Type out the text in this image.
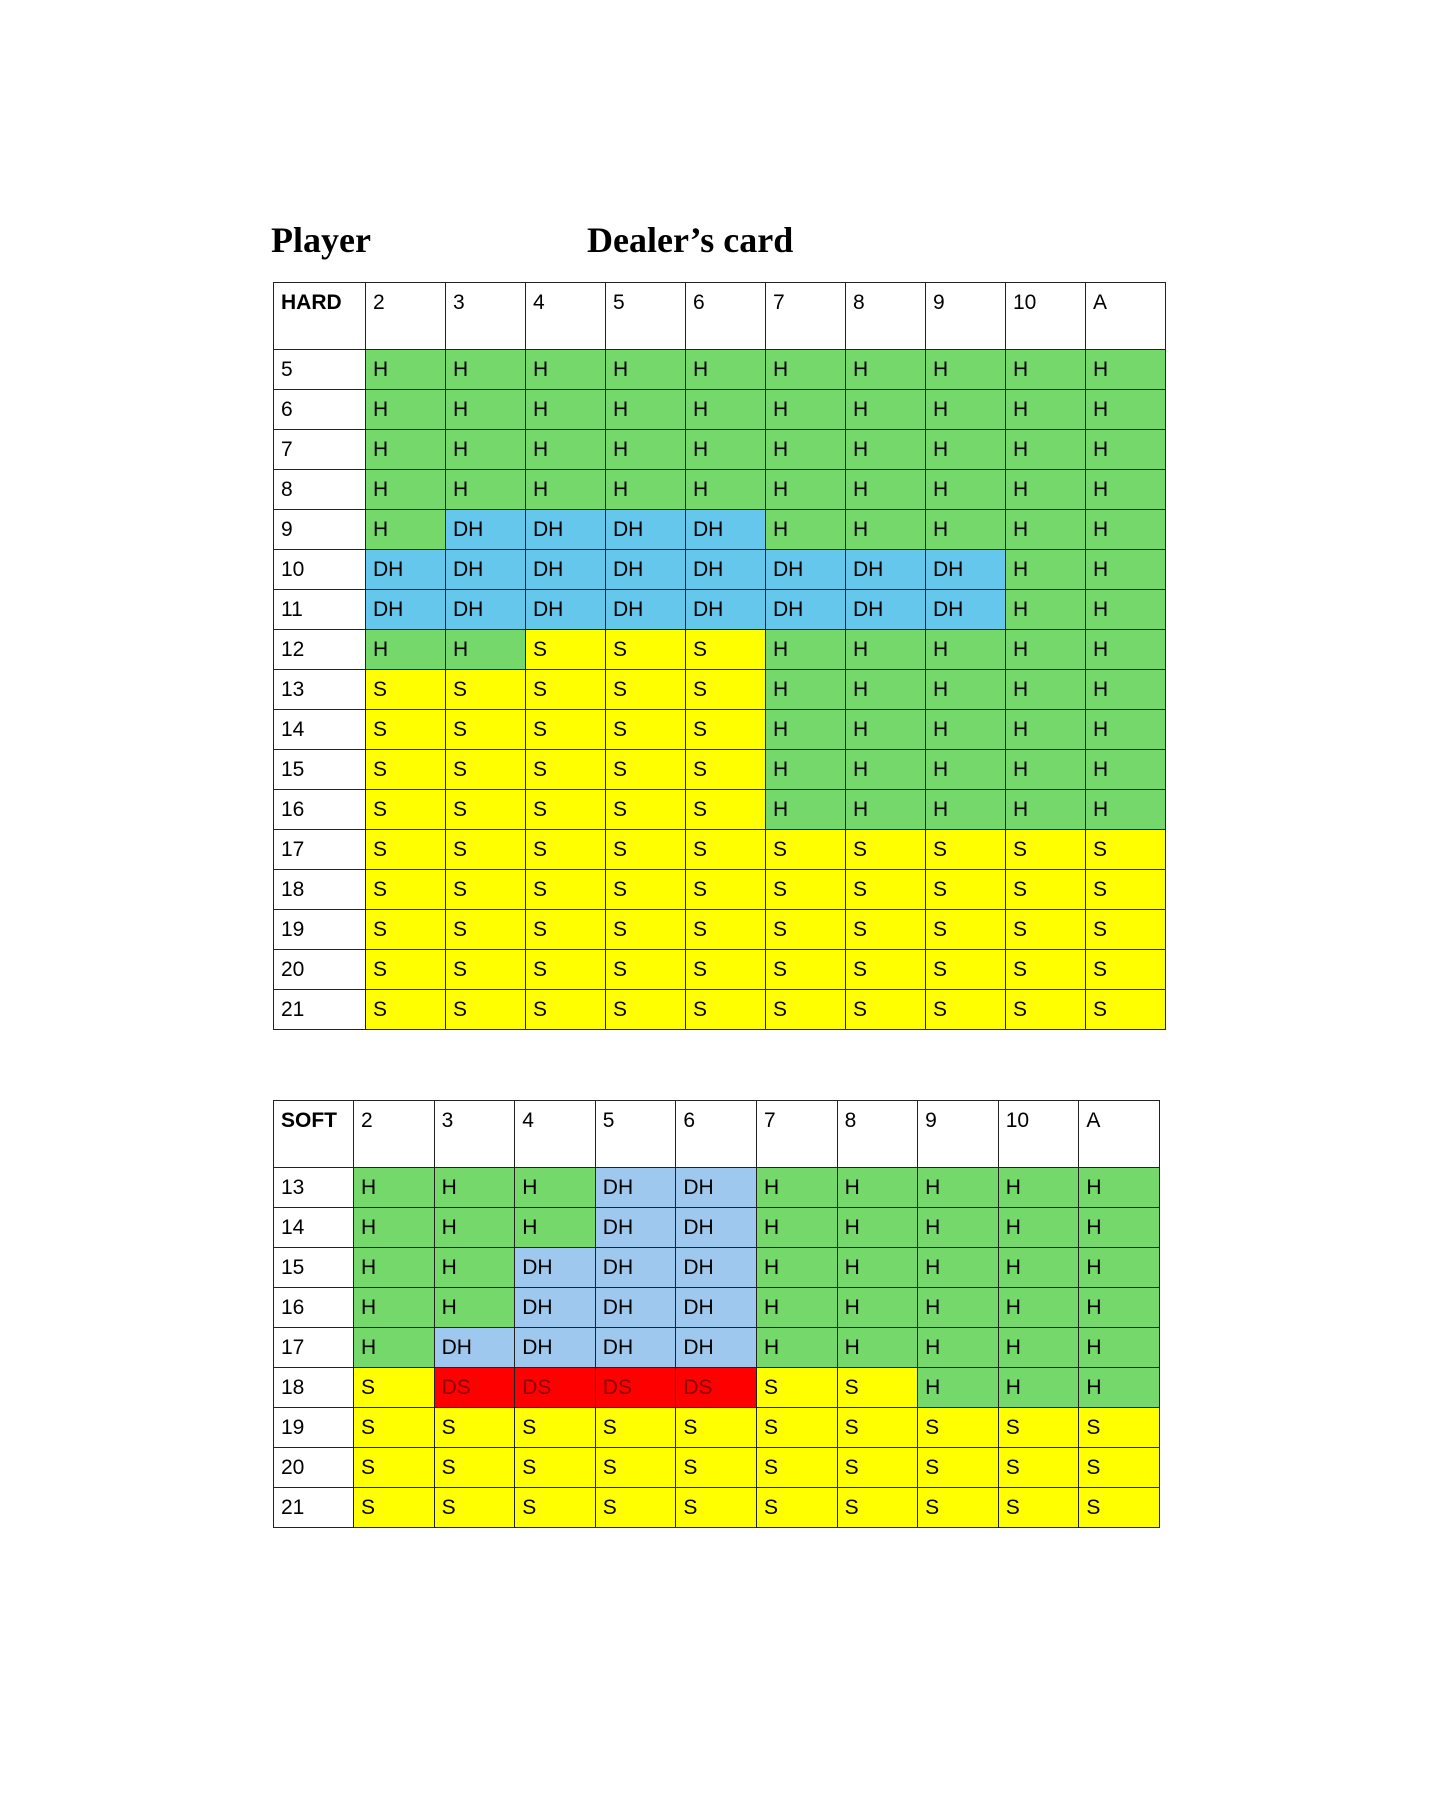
Player	Dealer’s card
HARD	2	3	4	5	6	7	8	9	10	A
5	H	H	H	H	H	H	H	H	H	H
6	H	H	H	H	H	H	H	H	H	H
7	H	H	H	H	H	H	H	H	H	H
8	H	H	H	H	H	H	H	H	H	H
9	H	DH	DH	DH	DH	H	H	H	H	H
10	DH	DH	DH	DH	DH	DH	DH	DH	H	H
11	DH	DH	DH	DH	DH	DH	DH	DH	H	H
12	H	H	S	S	S	H	H	H	H	H
13	S	S	S	S	S	H	H	H	H	H
14	S	S	S	S	S	H	H	H	H	H
15	S	S	S	S	S	H	H	H	H	H
16	S	S	S	S	S	H	H	H	H	H
17	S	S	S	S	S	S	S	S	S	S
18	S	S	S	S	S	S	S	S	S	S
19	S	S	S	S	S	S	S	S	S	S
20	S	S	S	S	S	S	S	S	S	S
21	S	S	S	S	S	S	S	S	S	S
SOFT	2	3	4	5	6	7	8	9	10	A
13	H	H	H	DH	DH	H	H	H	H	H
14	H	H	H	DH	DH	H	H	H	H	H
15	H	H	DH	DH	DH	H	H	H	H	H
16	H	H	DH	DH	DH	H	H	H	H	H
17	H	DH	DH	DH	DH	H	H	H	H	H
18	S	DS	DS	DS	DS	S	S	H	H	H
19	S	S	S	S	S	S	S	S	S	S
20	S	S	S	S	S	S	S	S	S	S
21	S	S	S	S	S	S	S	S	S	S
